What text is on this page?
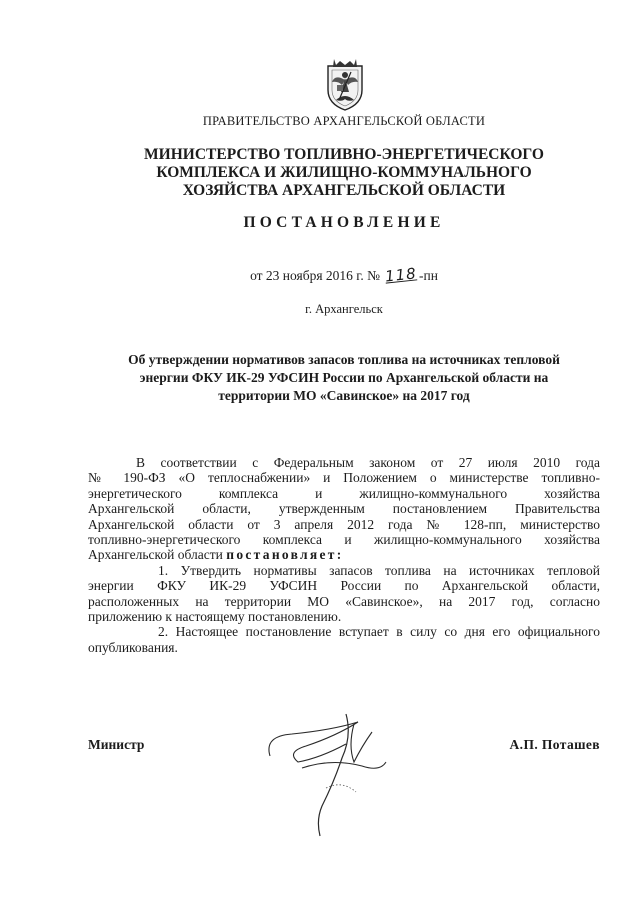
ПРАВИТЕЛЬСТВО АРХАНГЕЛЬСКОЙ ОБЛАСТИ
МИНИСТЕРСТВО ТОПЛИВНО-ЭНЕРГЕТИЧЕСКОГО
КОМПЛЕКСА И ЖИЛИЩНО-КОММУНАЛЬНОГО
ХОЗЯЙСТВА АРХАНГЕЛЬСКОЙ ОБЛАСТИ
ПОСТАНОВЛЕНИЕ
от 23 ноября 2016 г. № 118-пн
г. Архангельск
Об утверждении нормативов запасов топлива на источниках тепловой
энергии ФКУ ИК-29 УФСИН России по Архангельской области на
территории МО «Савинское» на 2017 год

В соответствии с Федеральным законом от 27 июля 2010 года

№ 190-ФЗ «О теплоснабжении» и Положением о министерстве топливно-

энергетического комплекса и жилищно-коммунального хозяйства

Архангельской области, утвержденным постановлением Правительства

Архангельской области от 3 апреля 2012 года № 128-пп, министерство

топливно-энергетического комплекса и жилищно-коммунального хозяйства

Архангельской области постановляет:

1. Утвердить нормативы запасов топлива на источниках тепловой

энергии ФКУ ИК-29 УФСИН России по Архангельской области,

расположенных на территории МО «Савинское», на 2017 год, согласно

приложению к настоящему постановлению.

2. Настоящее постановление вступает в силу со дня его официального

опубликования.

Министр	А.П. Поташев
